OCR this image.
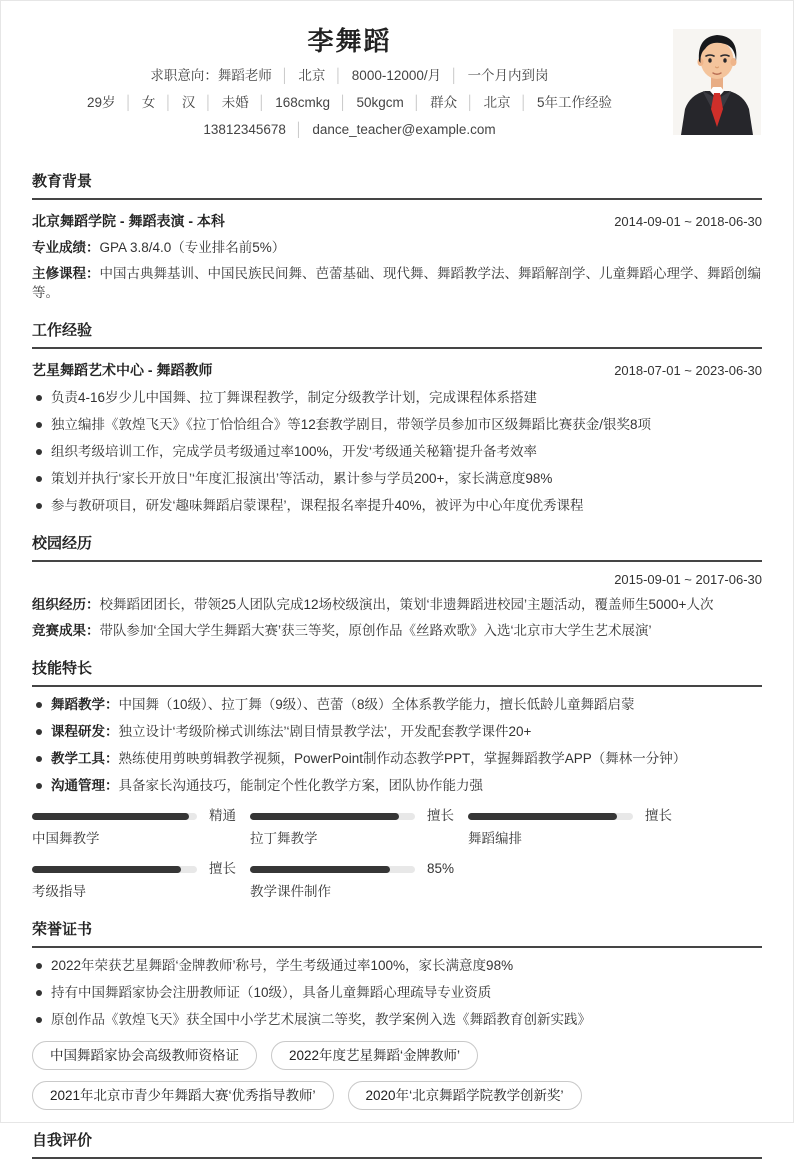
李舞蹈
求职意向：舞蹈老师 │ 北京 │ 8000-12000/月 │ 一个月内到岗
29岁 │ 女 │ 汉 │ 未婚 │ 168cmkg │ 50kgcm │ 群众 │ 北京 │ 5年工作经验
13812345678 │ dance_teacher@example.com
教育背景
北京舞蹈学院 - 舞蹈表演 - 本科	2014-09-01 ~ 2018-06-30
专业成绩：GPA 3.8/4.0（专业排名前5%）
主修课程：中国古典舞基训、中国民族民间舞、芭蕾基础、现代舞、舞蹈教学法、舞蹈解剖学、儿童舞蹈心理学、舞蹈创编等。
工作经验
艺星舞蹈艺术中心 - 舞蹈教师	2018-07-01 ~ 2023-06-30
负责4-16岁少儿中国舞、拉丁舞课程教学，制定分级教学计划，完成课程体系搭建
独立编排《敦煌飞天》《拉丁恰恰组合》等12套教学剧目，带领学员参加市区级舞蹈比赛获金/银奖8项
组织考级培训工作，完成学员考级通过率100%，开发‘考级通关秘籍’提升备考效率
策划并执行‘家长开放日’‘年度汇报演出’等活动，累计参与学员200+，家长满意度98%
参与教研项目，研发‘趣味舞蹈启蒙课程’，课程报名率提升40%，被评为中心年度优秀课程
校园经历
2015-09-01 ~ 2017-06-30
组织经历：校舞蹈团团长，带领25人团队完成12场校级演出，策划‘非遗舞蹈进校园’主题活动，覆盖师生5000+人次
竞赛成果：带队参加‘全国大学生舞蹈大赛’获三等奖，原创作品《丝路欢歌》入选‘北京市大学生艺术展演’
技能特长
舞蹈教学：中国舞（10级）、拉丁舞（9级）、芭蕾（8级）全体系教学能力，擅长低龄儿童舞蹈启蒙
课程研发：独立设计‘考级阶梯式训练法’‘剧目情景教学法’，开发配套教学课件20+
教学工具：熟练使用剪映剪辑教学视频，PowerPoint制作动态教学PPT，掌握舞蹈教学APP（舞林一分钟）
沟通管理：具备家长沟通技巧，能制定个性化教学方案，团队协作能力强
精通
中国舞教学
擅长
拉丁舞教学
擅长
舞蹈编排
擅长
考级指导
85%
教学课件制作
荣誉证书
2022年荣获艺星舞蹈‘金牌教师’称号，学生考级通过率100%，家长满意度98%
持有中国舞蹈家协会注册教师证（10级），具备儿童舞蹈心理疏导专业资质
原创作品《敦煌飞天》获全国中小学艺术展演二等奖，教学案例入选《舞蹈教育创新实践》
中国舞蹈家协会高级教师资格证	2022年度艺星舞蹈‘金牌教师’
2021年北京市青少年舞蹈大赛‘优秀指导教师’	2020年‘北京舞蹈学院教学创新奖’
自我评价
